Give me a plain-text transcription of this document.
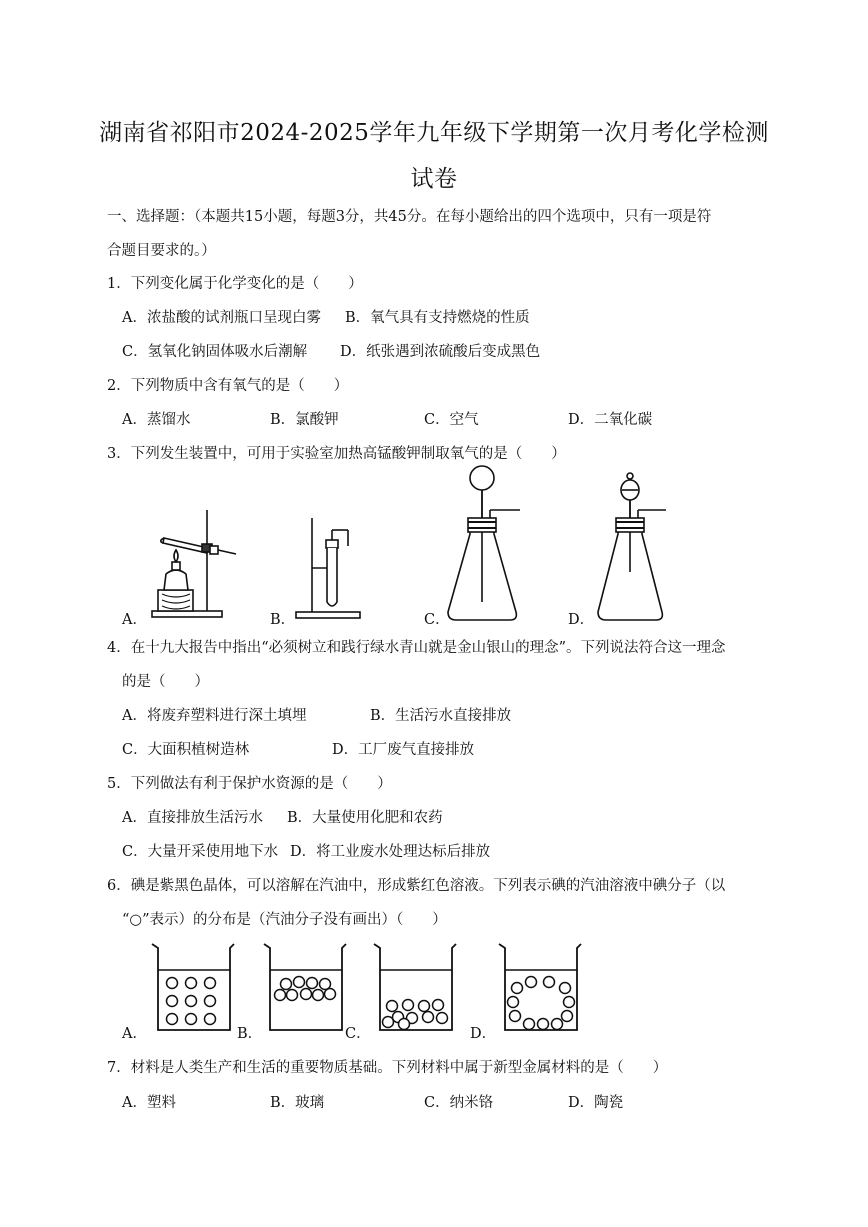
湖南省祁阳市2024-2025学年九年级下学期第一次月考化学检测
试卷
一、选择题：（本题共15小题，每题3分，共45分。在每小题给出的四个选项中，只有一项是符
合题目要求的。）
1．下列变化属于化学变化的是（　　）
A．浓盐酸的试剂瓶口呈现白雾 B．氧气具有支持燃烧的性质
C．氢氧化钠固体吸水后潮解 D．纸张遇到浓硫酸后变成黑色
2．下列物质中含有氧气的是（　　）
A．蒸馏水	B．氯酸钾	C．空气	D．二氧化碳
3．下列发生装置中，可用于实验室加热高锰酸钾制取氧气的是（　　）
A．	B．	C．	D．
4．在十九大报告中指出“必须树立和践行绿水青山就是金山银山的理念”。下列说法符合这一理念
的是（　　）
A．将废弃塑料进行深土填埋	B．生活污水直接排放
C．大面积植树造林	D．工厂废气直接排放
5．下列做法有利于保护水资源的是（　　）
A．直接排放生活污水 B．大量使用化肥和农药
C．大量开采使用地下水 D．将工业废水处理达标后排放
6．碘是紫黑色晶体，可以溶解在汽油中，形成紫红色溶液。下列表示碘的汽油溶液中碘分子（以
“○”表示）的分布是（汽油分子没有画出）（　　）
A．	B．	C．	D．
7．材料是人类生产和生活的重要物质基础。下列材料中属于新型金属材料的是（　　）
A．塑料	B．玻璃	C．纳米铬	D．陶瓷
